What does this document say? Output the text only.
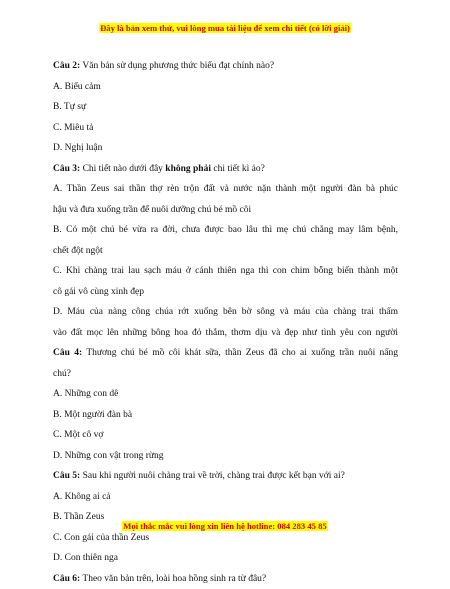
Đây là bản xem thử, vui lòng mua tài liệu để xem chi tiết (có lời giải)
Câu 2: Văn bản sử dụng phương thức biểu đạt chính nào?
A. Biểu cảm
B. Tự sự
C. Miêu tả
D. Nghị luận
Câu 3: Chi tiết nào dưới đây không phải chi tiết kì ảo?
A. Thần Zeus sai thần thợ rèn trộn đất và nước nặn thành một người đàn bà phúc
hậu và đưa xuống trần để nuôi dưỡng chú bé mồ côi
B. Có một chú bé vừa ra đời, chưa được bao lâu thì mẹ chú chẳng may lâm bệnh,
chết đột ngột
C. Khi chàng trai lau sạch máu ở cánh thiên nga thì con chim bỗng biến thành một
cô gái vô cùng xinh đẹp
D. Máu của nàng công chúa rớt xuống bên bờ sông và máu của chàng trai thấm
vào đất mọc lên những bông hoa đỏ thắm, thơm dịu và đẹp như tình yêu con người
Câu 4: Thương chú bé mồ côi khát sữa, thần Zeus đã cho ai xuống trần nuôi nấng
chú?
A. Những con dê
B. Một người đàn bà
C. Một cô vợ
D. Những con vật trong rừng
Câu 5: Sau khi người nuôi chàng trai về trời, chàng trai được kết bạn với ai?
A. Không ai cả
B. Thần Zeus
C. Con gái của thần Zeus
D. Con thiên nga
Câu 6: Theo văn bản trên, loài hoa hồng sinh ra từ đâu?
Mọi thắc mắc vui lòng xin liên hệ hotline: 084 283 45 85
